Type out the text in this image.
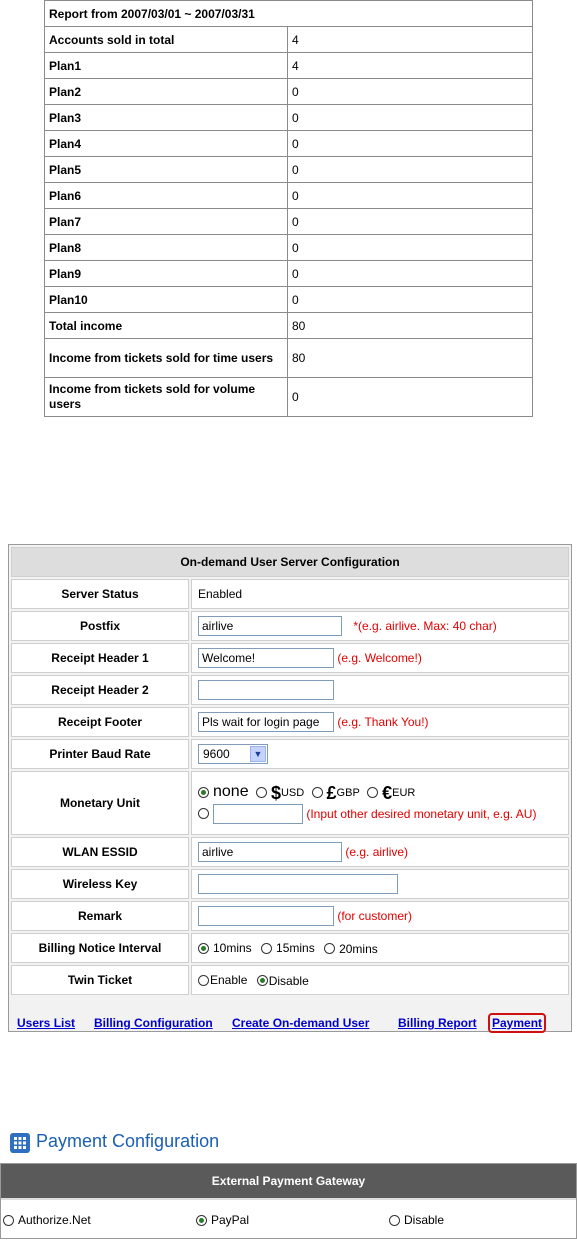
Report from 2007/03/01 ~ 2007/03/31	
Accounts sold in total	4
Plan1	4
Plan2	0
Plan3	0
Plan4	0
Plan5	0
Plan6	0
Plan7	0
Plan8	0
Plan9	0
Plan10	0
Total income	80
Income from tickets sold for time users	80
Income from tickets sold for volume users	0
On-demand User Server Configuration	
Server Status	Enabled
Postfix	airlive *(e.g. airlive. Max: 40 char)
Receipt Header 1	Welcome! (e.g. Welcome!)
Receipt Header 2	
Receipt Footer	Pls wait for login page (e.g. Thank You!)
Printer Baud Rate	9600 ▼

Monetary Unit	none $USD £GBP €EUR
(Input other desired monetary unit, e.g. AU)
WLAN ESSID	airlive (e.g. airlive)
Wireless Key	
Remark	(for customer)
Billing Notice Interval	10mins 15mins 20mins
Twin Ticket	Enable Disable
Users List Billing Configuration Create On-demand User Billing Report	Payment
Payment Configuration
External Payment Gateway
Authorize.Net	PayPal	Disable
